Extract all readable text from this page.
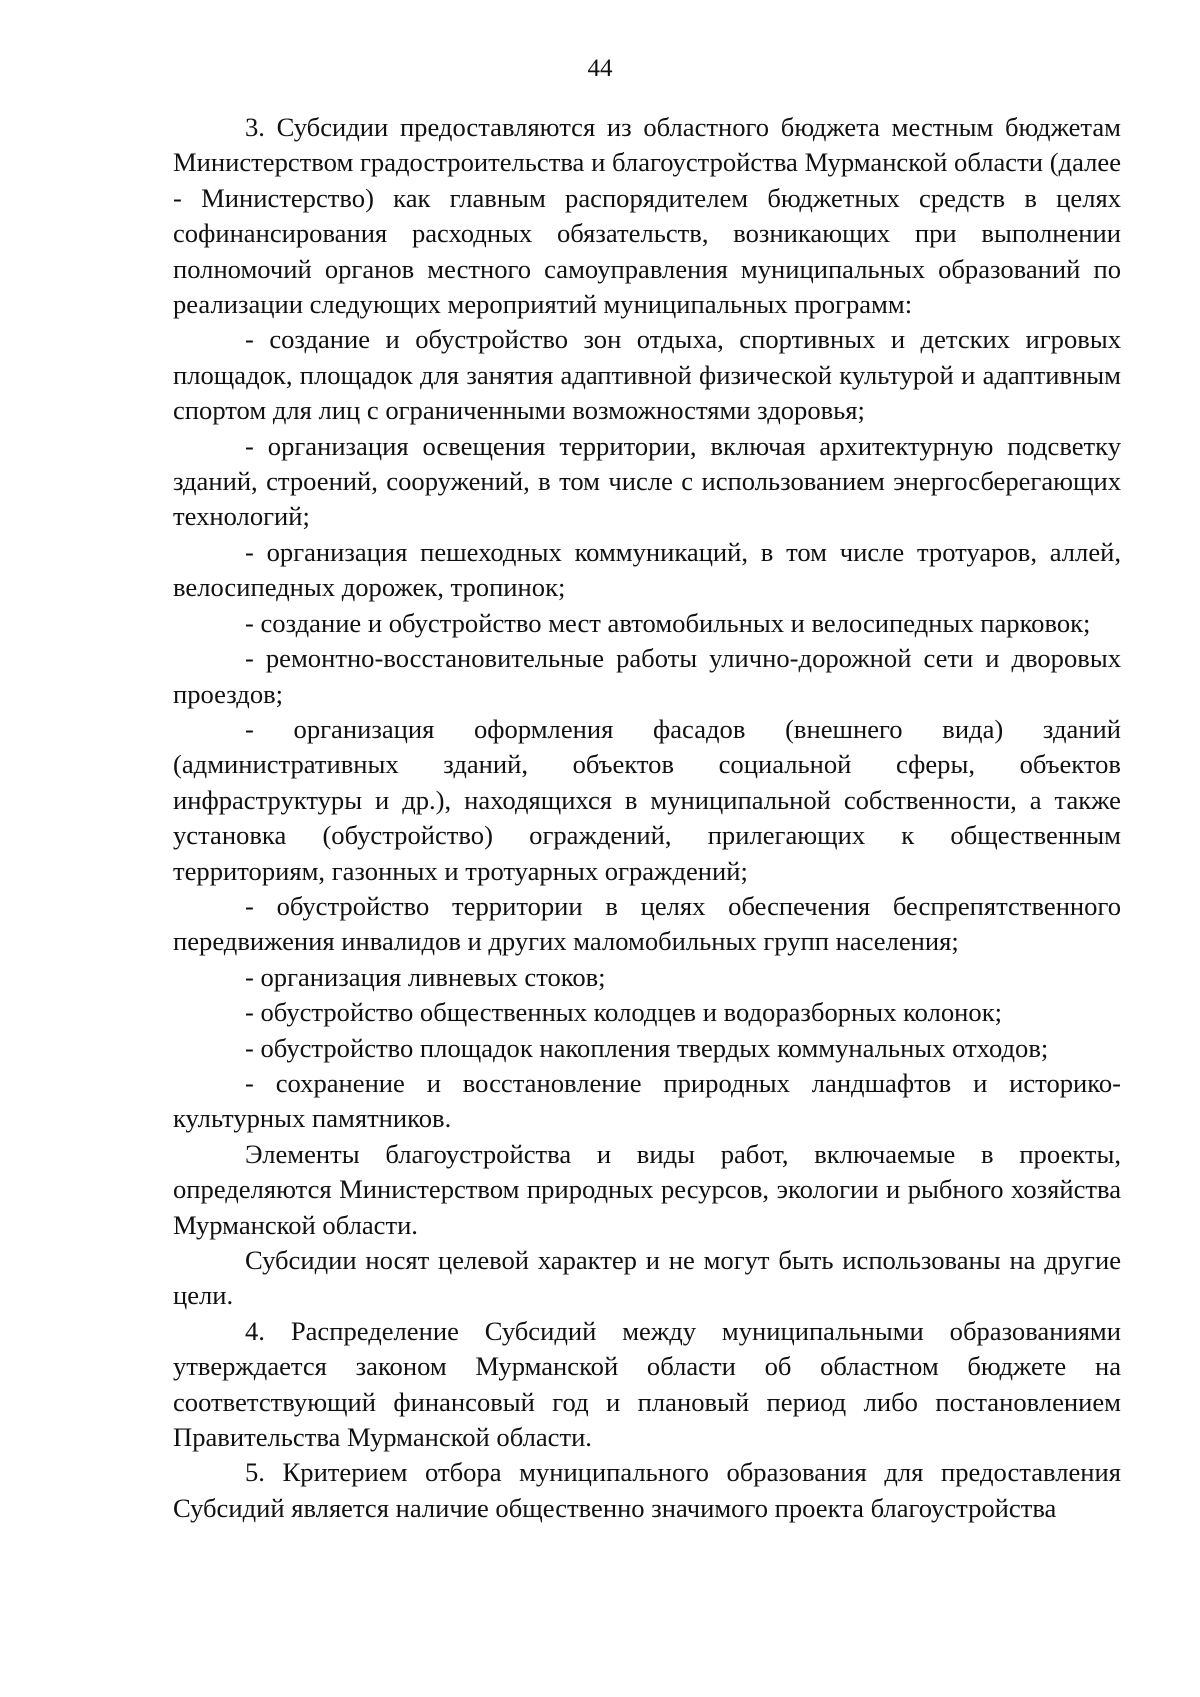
44

3. Субсидии предоставляются из областного бюджета местным бюджетам Министерством градостроительства и благоустройства Мурманской области (далее - Министерство) как главным распорядителем бюджетных средств в целях софинансирования расходных обязательств, возникающих при выполнении полномочий органов местного самоуправления муниципальных образований по реализации следующих мероприятий муниципальных программ:

- создание и обустройство зон отдыха, спортивных и детских игровых площадок, площадок для занятия адаптивной физической культурой и адаптивным спортом для лиц с ограниченными возможностями здоровья;

- организация освещения территории, включая архитектурную подсветку зданий, строений, сооружений, в том числе с использованием энергосберегающих технологий;

- организация пешеходных коммуникаций, в том числе тротуаров, аллей, велосипедных дорожек, тропинок;

- создание и обустройство мест автомобильных и велосипедных парковок;

- ремонтно-восстановительные работы улично-дорожной сети и дворовых проездов;

- организация оформления фасадов (внешнего вида) зданий (административных зданий, объектов социальной сферы, объектов инфраструктуры и др.), находящихся в муниципальной собственности, а также установка (обустройство) ограждений, прилегающих к общественным территориям, газонных и тротуарных ограждений;

- обустройство территории в целях обеспечения беспрепятственного передвижения инвалидов и других маломобильных групп населения;

- организация ливневых стоков;

- обустройство общественных колодцев и водоразборных колонок;

- обустройство площадок накопления твердых коммунальных отходов;

- сохранение и восстановление природных ландшафтов и историко-культурных памятников.

Элементы благоустройства и виды работ, включаемые в проекты, определяются Министерством природных ресурсов, экологии и рыбного хозяйства Мурманской области.

Субсидии носят целевой характер и не могут быть использованы на другие цели.

4. Распределение Субсидий между муниципальными образованиями утверждается законом Мурманской области об областном бюджете на соответствующий финансовый год и плановый период либо постановлением Правительства Мурманской области.

5. Критерием отбора муниципального образования для предоставления Субсидий является наличие общественно значимого проекта благоустройства
